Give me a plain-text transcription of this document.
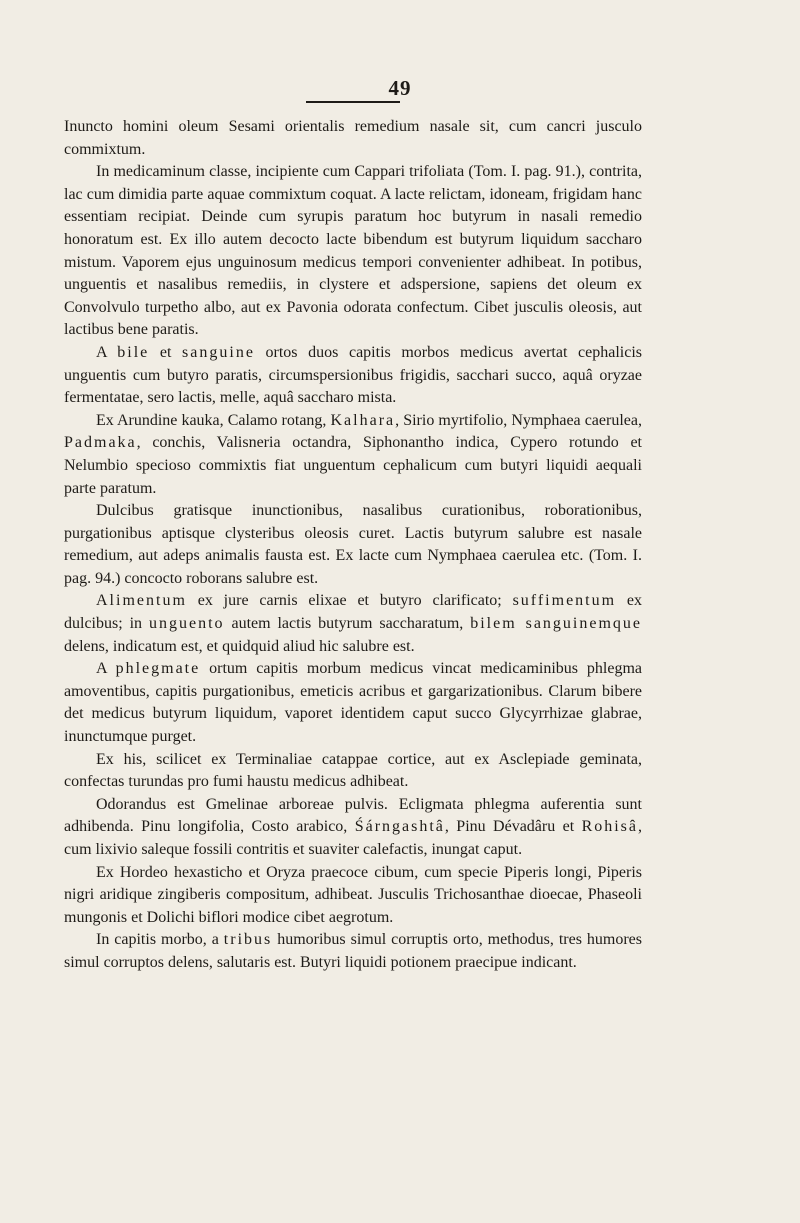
49

Inuncto homini oleum Sesami orientalis remedium nasale sit, cum cancri jusculo commixtum.

In medicaminum classe, incipiente cum Cappari trifoliata (Tom. I. pag. 91.), contrita, lac cum dimidia parte aquae commixtum coquat. A lacte relictam, idoneam, frigidam hanc essentiam recipiat. Deinde cum syrupis paratum hoc butyrum in nasali remedio honoratum est. Ex illo autem decocto lacte bibendum est butyrum liquidum saccharo mistum. Vaporem ejus unguinosum medicus tempori convenienter adhibeat. In potibus, unguentis et nasalibus remediis, in clystere et adspersione, sapiens det oleum ex Convolvulo turpetho albo, aut ex Pavonia odorata confectum. Cibet jusculis oleosis, aut lactibus bene paratis.

A bile et sanguine ortos duos capitis morbos medicus avertat cephalicis unguentis cum butyro paratis, circumspersionibus frigidis, sacchari succo, aquâ oryzae fermentatae, sero lactis, melle, aquâ saccharo mista.

Ex Arundine kauka, Calamo rotang, Kalhara, Sirio myrtifolio, Nymphaea caerulea, Padmaka, conchis, Valisneria octandra, Siphonantho indica, Cypero rotundo et Nelumbio specioso commixtis fiat unguentum cephalicum cum butyri liquidi aequali parte paratum.

Dulcibus gratisque inunctionibus, nasalibus curationibus, roborationibus, purgationibus aptisque clysteribus oleosis curet. Lactis butyrum salubre est nasale remedium, aut adeps animalis fausta est. Ex lacte cum Nymphaea caerulea etc. (Tom. I. pag. 94.) concocto roborans salubre est.

Alimentum ex jure carnis elixae et butyro clarificato; suffimentum ex dulcibus; in unguento autem lactis butyrum saccharatum, bilem sanguinemque delens, indicatum est, et quidquid aliud hic salubre est.

A phlegmate ortum capitis morbum medicus vincat medicaminibus phlegma amoventibus, capitis purgationibus, emeticis acribus et gargarizationibus. Clarum bibere det medicus butyrum liquidum, vaporet identidem caput succo Glycyrrhizae glabrae, inunctumque purget.

Ex his, scilicet ex Terminaliae catappae cortice, aut ex Asclepiade geminata, confectas turundas pro fumi haustu medicus adhibeat.

Odorandus est Gmelinae arboreae pulvis. Ecligmata phlegma auferentia sunt adhibenda. Pinu longifolia, Costo arabico, Śárngashtâ, Pinu Dévadâru et Rohisâ, cum lixivio saleque fossili contritis et suaviter calefactis, inungat caput.

Ex Hordeo hexasticho et Oryza praecoce cibum, cum specie Piperis longi, Piperis nigri aridique zingiberis compositum, adhibeat. Jusculis Trichosanthae dioecae, Phaseoli mungonis et Dolichi biflori modice cibet aegrotum.

In capitis morbo, a tribus humoribus simul corruptis orto, methodus, tres humores simul corruptos delens, salutaris est. Butyri liquidi potionem praecipue indicant.
